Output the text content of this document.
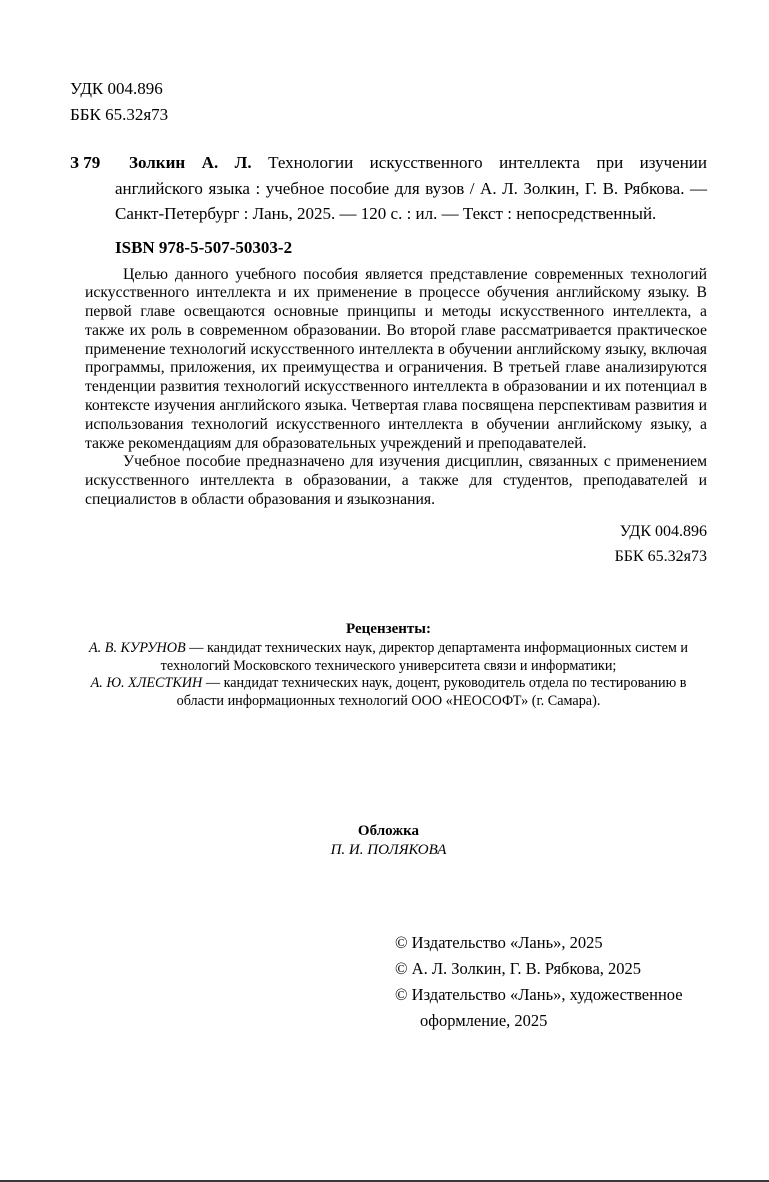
УДК 004.896
ББК 65.32я73
З 79	Золкин А. Л. Технологии искусственного интеллекта при изучении английского языка : учебное пособие для вузов / А. Л. Золкин, Г. В. Рябкова. — Санкт-Петербург : Лань, 2025. — 120 с. : ил. — Текст : непосредственный.
ISBN 978-5-507-50303-2

Целью данного учебного пособия является представление современных технологий искусственного интеллекта и их применение в процессе обучения английскому языку. В первой главе освещаются основные принципы и методы искусственного интеллекта, а также их роль в современном образовании. Во второй главе рассматривается практическое применение технологий искусственного интеллекта в обучении английскому языку, включая программы, приложения, их преимущества и ограничения. В третьей главе анализируются тенденции развития технологий искусственного интеллекта в образовании и их потенциал в контексте изучения английского языка. Четвертая глава посвящена перспективам развития и использования технологий искусственного интеллекта в обучении английскому языку, а также рекомендациям для образовательных учреждений и преподавателей.

Учебное пособие предназначено для изучения дисциплин, связанных с применением искусственного интеллекта в образовании, а также для студентов, преподавателей и специалистов в области образования и языкознания.

УДК 004.896
ББК 65.32я73
Рецензенты:
А. В. КУРУНОВ — кандидат технических наук, директор департамента информационных систем и технологий Московского технического университета связи и информатики;
А. Ю. ХЛЕСТКИН — кандидат технических наук, доцент, руководитель отдела по тестированию в области информационных технологий ООО «НЕОСОФТ» (г. Самара).
Обложка
П. И. ПОЛЯКОВА

© Издательство «Лань», 2025

© А. Л. Золкин, Г. В. Рябкова, 2025

© Издательство «Лань», художественное оформление, 2025
